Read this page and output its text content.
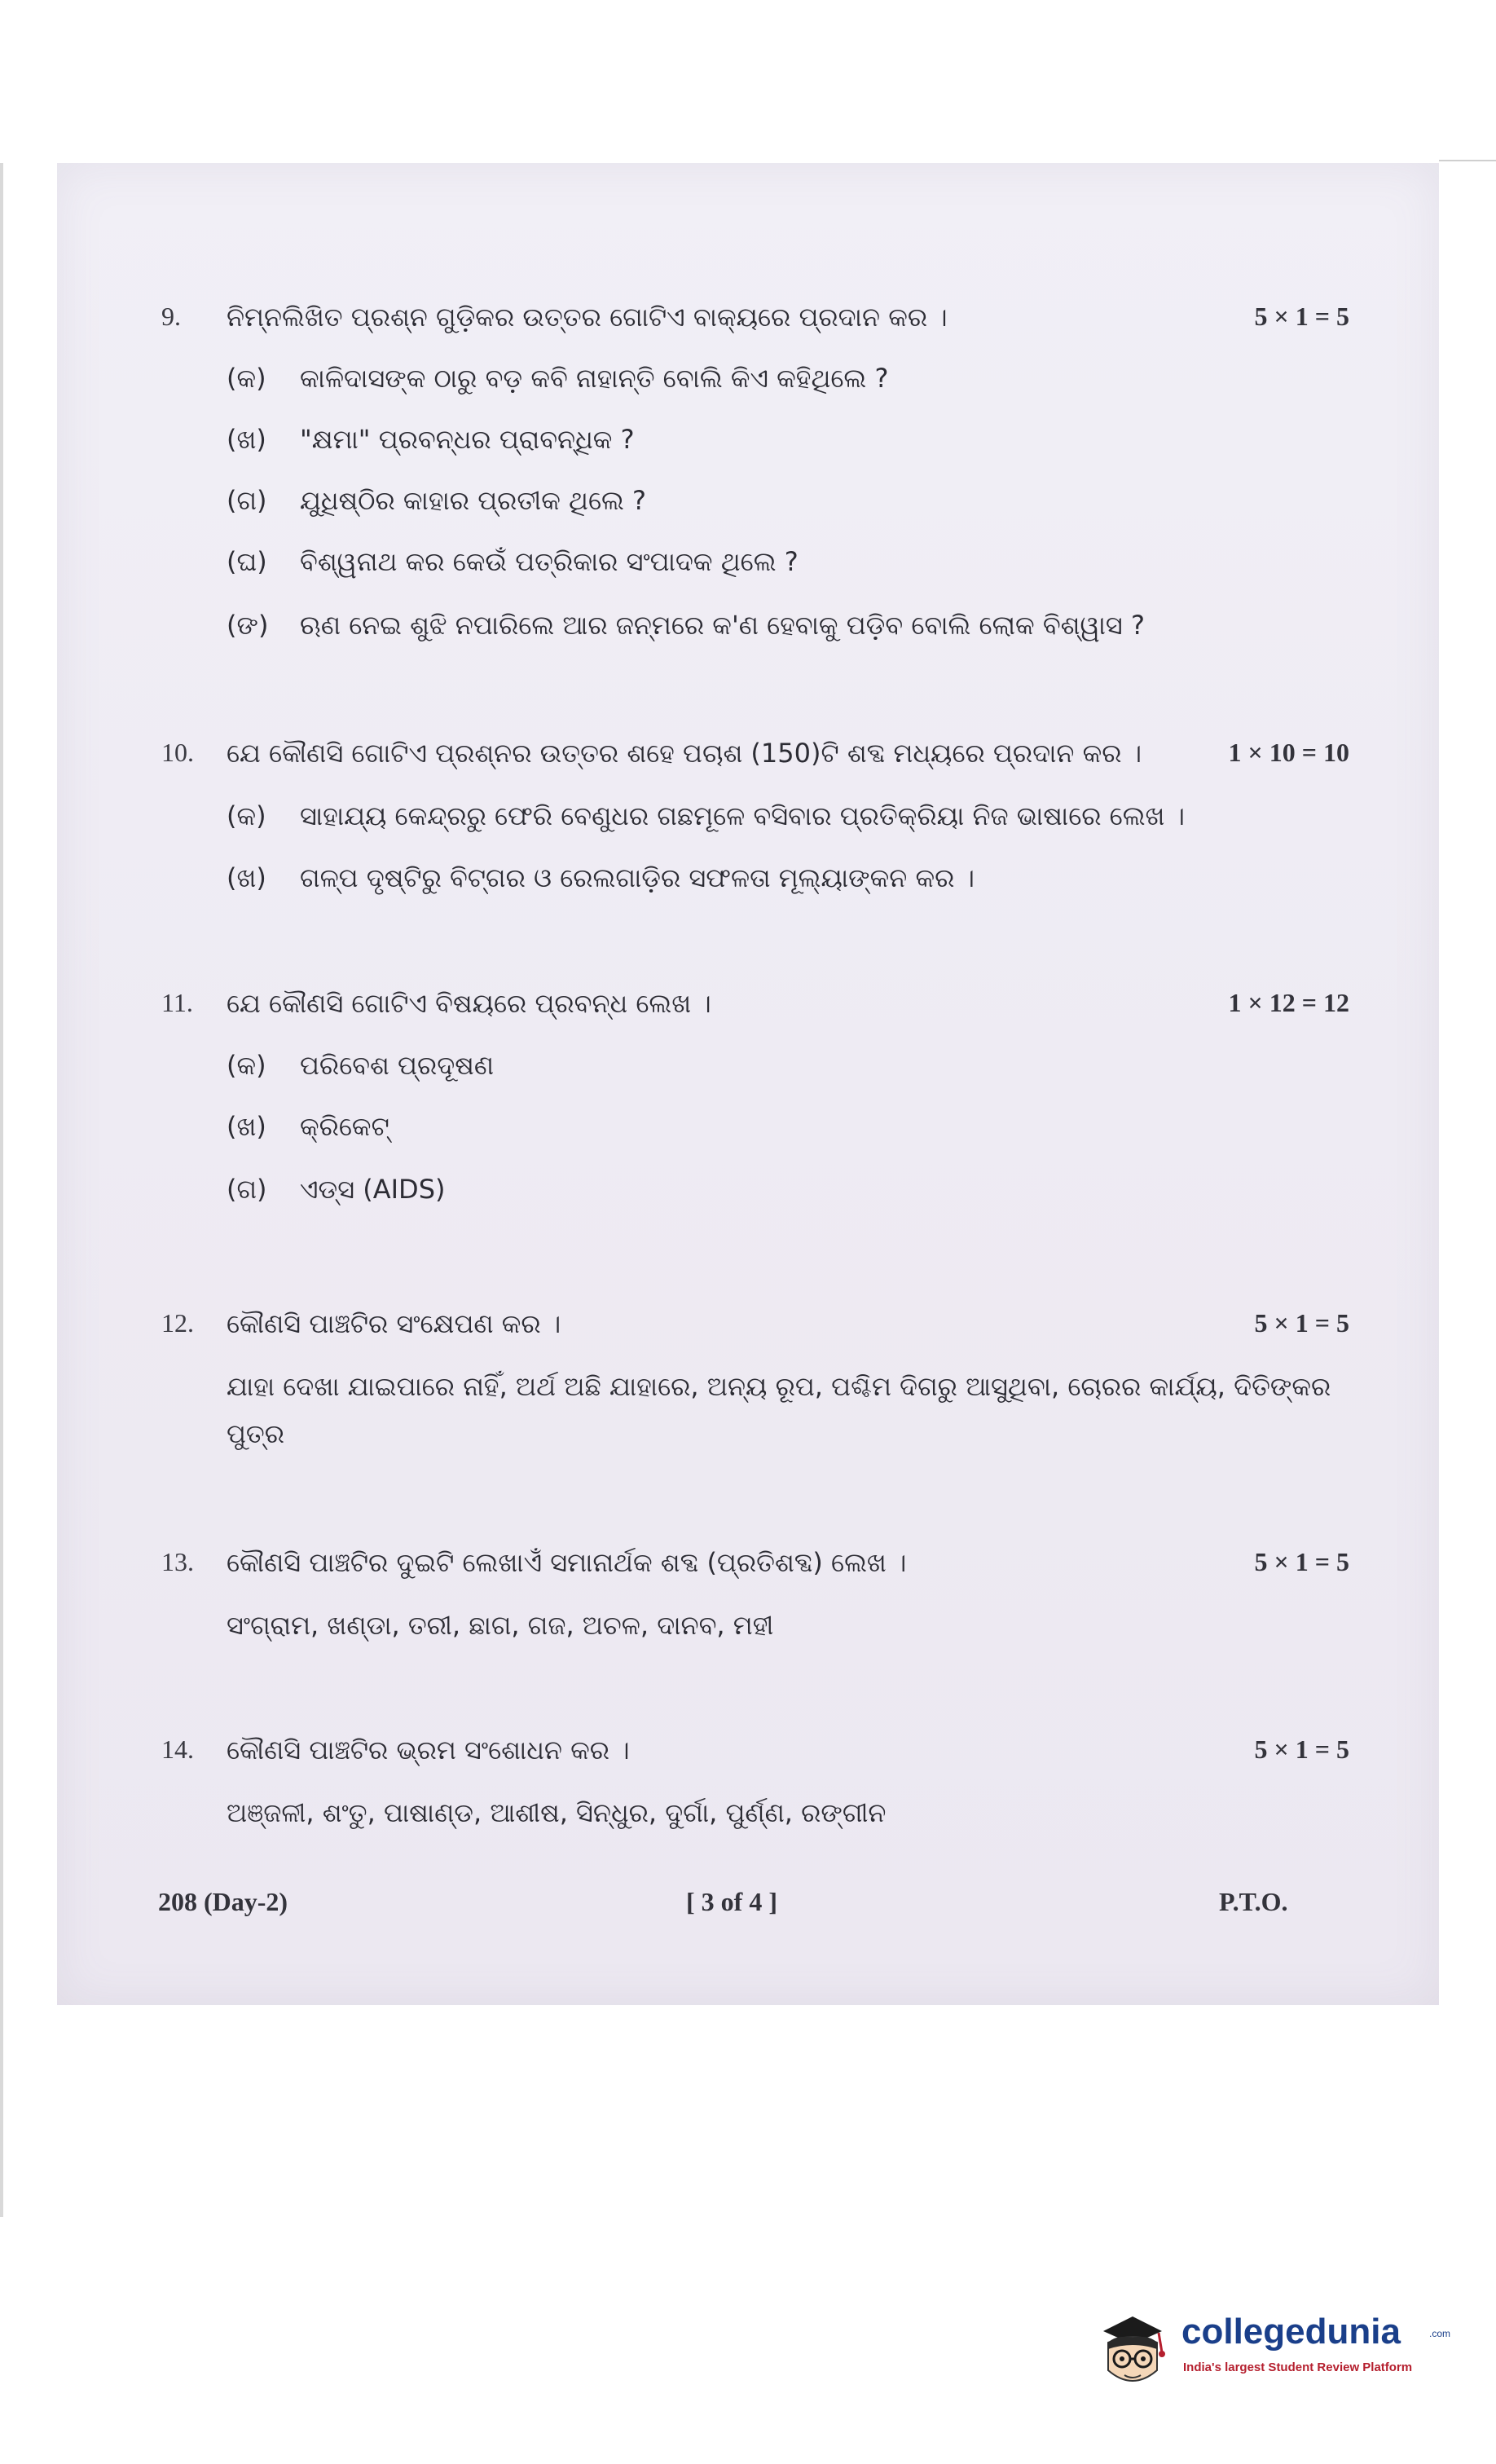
9. ନିମ୍ନଲିଖିତ ପ୍ରଶ୍ନ ଗୁଡ଼ିକର ଉତ୍ତର ଗୋଟିଏ ବାକ୍ୟରେ ପ୍ରଦାନ କର ।	5 × 1 = 5
(କ) କାଳିଦାସଙ୍କ ଠାରୁ ବଡ଼ କବି ନାହାନ୍ତି ବୋଲି କିଏ କହିଥିଲେ ?
(ଖ) "କ୍ଷମା" ପ୍ରବନ୍ଧର ପ୍ରାବନ୍ଧିକ ?
(ଗ) ଯୁଧିଷ୍ଠିର କାହାର ପ୍ରତୀକ ଥିଲେ ?
(ଘ) ବିଶ୍ୱନାଥ କର କେଉଁ ପତ୍ରିକାର ସଂପାଦକ ଥିଲେ ?
(ଙ) ଋଣ ନେଇ ଶୁଝି ନପାରିଲେ ଆର ଜନ୍ମରେ କ'ଣ ହେବାକୁ ପଡ଼ିବ ବୋଲି ଲୋକ ବିଶ୍ୱାସ ?
10. ଯେ କୌଣସି ଗୋଟିଏ ପ୍ରଶ୍ନର ଉତ୍ତର ଶହେ ପଚାଶ (150)ଟି ଶବ୍ଦ ମଧ୍ୟରେ ପ୍ରଦାନ କର ।	1 × 10 = 10
(କ) ସାହାଯ୍ୟ କେନ୍ଦ୍ରରୁ ଫେରି ବେଣୁଧର ଗଛମୂଳେ ବସିବାର ପ୍ରତିକ୍ରିୟା ନିଜ ଭାଷାରେ ଲେଖ ।
(ଖ) ଗଳ୍ପ ଦୃଷ୍ଟିରୁ ବିଟ୍‌ଗର ଓ ରେଲଗାଡ଼ିର ସଫଳତା ମୂଲ୍ୟାଙ୍କନ କର ।
11. ଯେ କୌଣସି ଗୋଟିଏ ବିଷୟରେ ପ୍ରବନ୍ଧ ଲେଖ ।	1 × 12 = 12
(କ) ପରିବେଶ ପ୍ରଦୂଷଣ
(ଖ) କ୍ରିକେଟ୍
(ଗ) ଏଡ୍‌ସ (AIDS)
12. କୌଣସି ପାଞ୍ଚଟିର ସଂକ୍ଷେପଣ କର ।	5 × 1 = 5
ଯାହା ଦେଖା ଯାଇପାରେ ନାହିଁ, ଅର୍ଥ ଅଛି ଯାହାରେ, ଅନ୍ୟ ରୂପ, ପଶ୍ଚିମ ଦିଗରୁ ଆସୁଥିବା, ଚୋରର କାର୍ଯ୍ୟ, ଦିତିଙ୍କର ପୁତ୍ର
13. କୌଣସି ପାଞ୍ଚଟିର ଦୁଇଟି ଲେଖାଏଁ ସମାନାର୍ଥକ ଶବ୍ଦ (ପ୍ରତିଶବ୍ଦ) ଲେଖ ।	5 × 1 = 5
ସଂଗ୍ରାମ, ଖଣ୍ଡା, ତରୀ, ଛାଗ, ଗଜ, ଅଚଳ, ଦାନବ, ମହୀ
14. କୌଣସି ପାଞ୍ଚଟିର ଭ୍ରମ ସଂଶୋଧନ କର ।	5 × 1 = 5
ଅଞ୍ଜଳୀ, ଶଂତୁ, ପାଷାଣ୍ଡ, ଆଶୀଷ, ସିନ୍ଧୁର, ଦୁର୍ଗା, ପୁର୍ଣ୍ଣ, ରଙ୍ଗୀନ
208 (Day-2)	[ 3 of 4 ]	P.T.O.
collegedunia	.com
India's largest Student Review Platform
